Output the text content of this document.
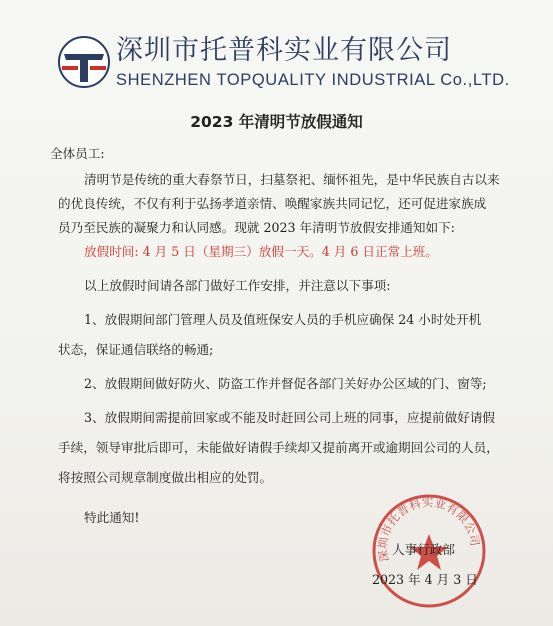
深圳市托普科实业有限公司
SHENZHEN TOPQUALITY INDUSTRIAL Co.,LTD.
2023 年清明节放假通知
全体员工:
清明节是传统的重大春祭节日，扫墓祭祀、缅怀祖先，是中华民族自古以来
的优良传统，不仅有利于弘扬孝道亲情、唤醒家族共同记忆，还可促进家族成
员乃至民族的凝聚力和认同感。现就 2023 年清明节放假安排通知如下:
放假时间: 4 月 5 日（星期三）放假一天。4 月 6 日正常上班。
以上放假时间请各部门做好工作安排，并注意以下事项:
1、放假期间部门管理人员及值班保安人员的手机应确保 24 小时处开机
状态，保证通信联络的畅通;
2、放假期间做好防火、防盗工作并督促各部门关好办公区域的门、窗等;
3、放假期间需提前回家或不能及时赶回公司上班的同事，应提前做好请假
手续，领导审批后即可，未能做好请假手续却又提前离开或逾期回公司的人员，
将按照公司规章制度做出相应的处罚。
特此通知!
深圳市托普科实业有限公司
人事行政部
2023 年 4 月 3 日
